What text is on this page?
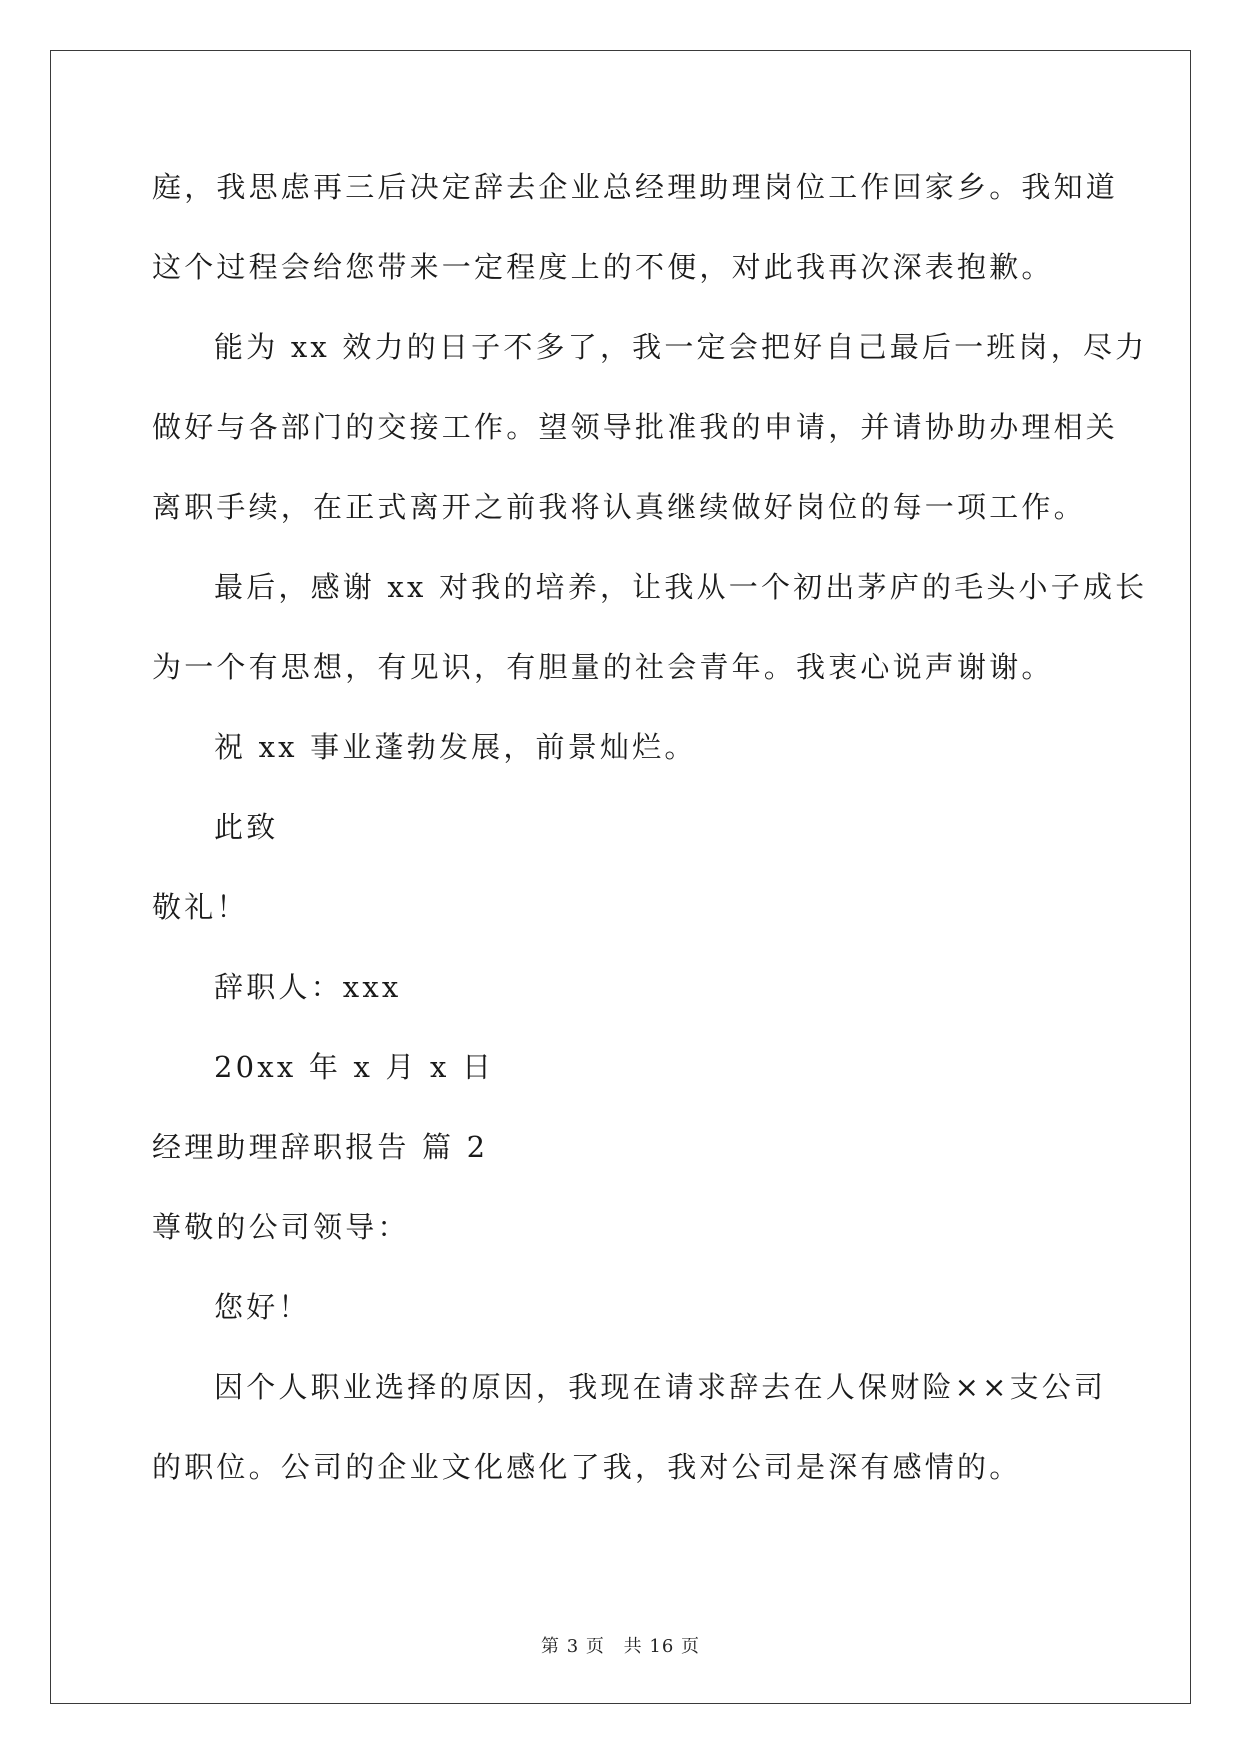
庭，我思虑再三后决定辞去企业总经理助理岗位工作回家乡。我知道
这个过程会给您带来一定程度上的不便，对此我再次深表抱歉。
能为 xx 效力的日子不多了，我一定会把好自己最后一班岗，尽力
做好与各部门的交接工作。望领导批准我的申请，并请协助办理相关
离职手续，在正式离开之前我将认真继续做好岗位的每一项工作。
最后，感谢 xx 对我的培养，让我从一个初出茅庐的毛头小子成长
为一个有思想，有见识，有胆量的社会青年。我衷心说声谢谢。
祝 xx 事业蓬勃发展，前景灿烂。
此致
敬礼！
辞职人：xxx
20xx 年 x 月 x 日
经理助理辞职报告 篇 2
尊敬的公司领导：
您好！
因个人职业选择的原因，我现在请求辞去在人保财险××支公司
的职位。公司的企业文化感化了我，我对公司是深有感情的。
第 3 页 共 16 页
